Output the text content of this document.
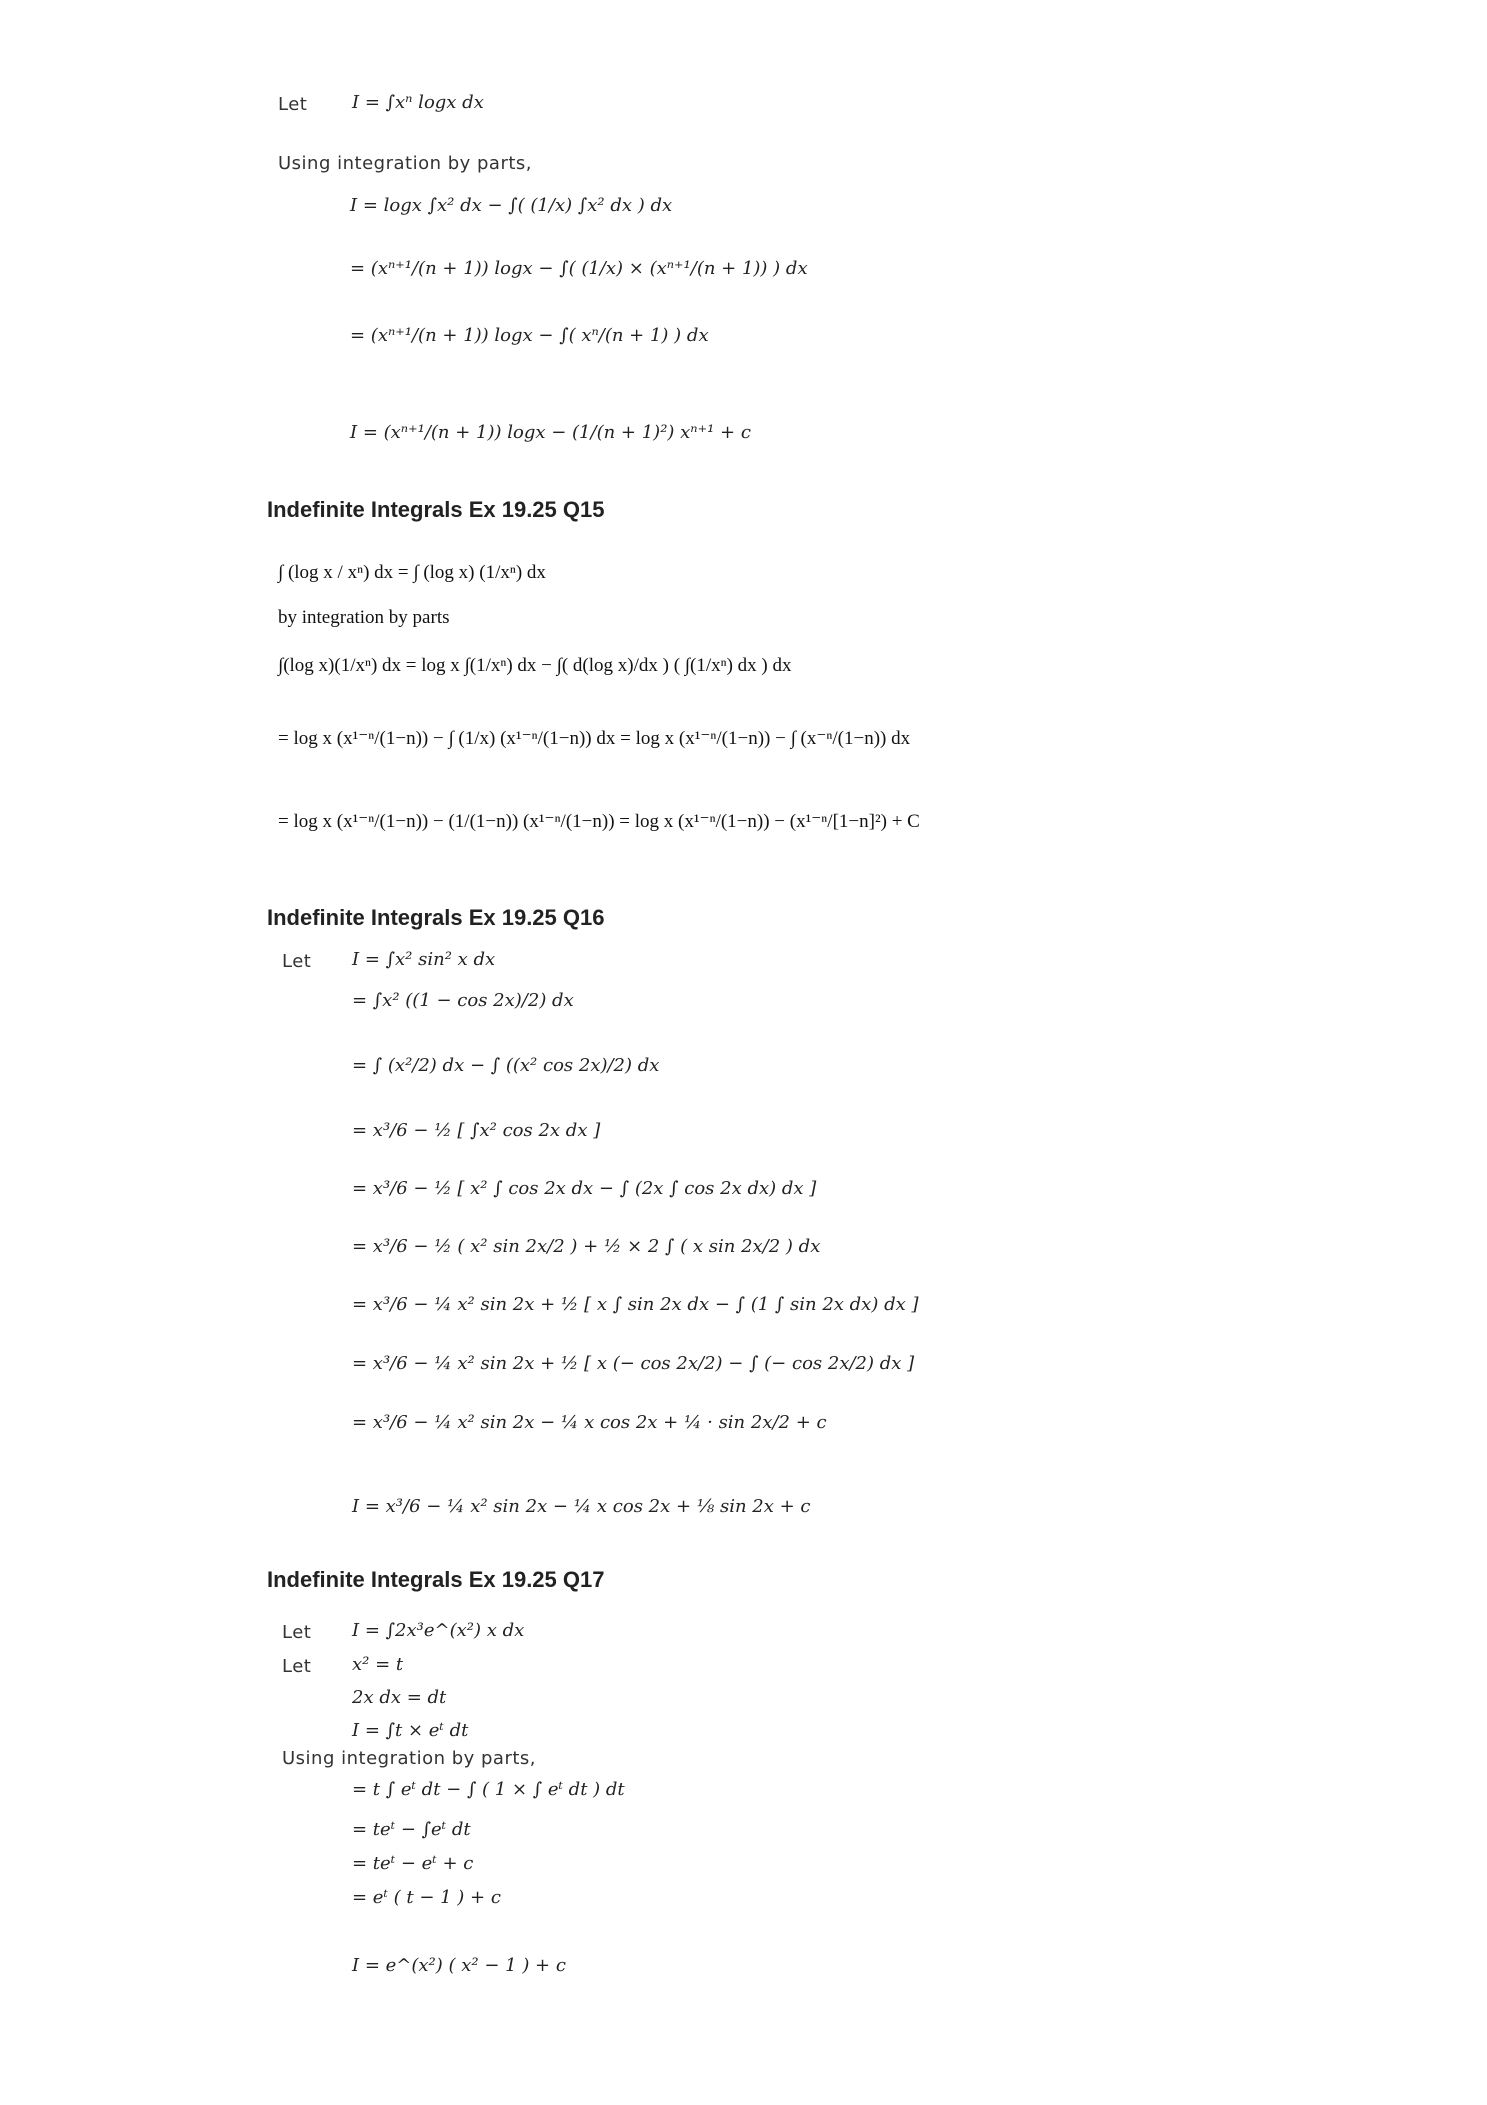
Let I = ∫xⁿ logx dx
Using integration by parts,
I = logx ∫x² dx − ∫( (1/x) ∫x² dx ) dx
= (xⁿ⁺¹/(n + 1)) logx − ∫( (1/x) × (xⁿ⁺¹/(n + 1)) ) dx
= (xⁿ⁺¹/(n + 1)) logx − ∫( xⁿ/(n + 1) ) dx
I = (xⁿ⁺¹/(n + 1)) logx − (1/(n + 1)²) xⁿ⁺¹ + c
Indefinite Integrals Ex 19.25 Q15
∫ (log x / xⁿ) dx = ∫ (log x) (1/xⁿ) dx
by integration by parts
∫(log x)(1/xⁿ) dx = log x ∫(1/xⁿ) dx − ∫( d(log x)/dx ) ( ∫(1/xⁿ) dx ) dx
= log x (x¹⁻ⁿ/(1−n)) − ∫ (1/x) (x¹⁻ⁿ/(1−n)) dx = log x (x¹⁻ⁿ/(1−n)) − ∫ (x⁻ⁿ/(1−n)) dx
= log x (x¹⁻ⁿ/(1−n)) − (1/(1−n)) (x¹⁻ⁿ/(1−n)) = log x (x¹⁻ⁿ/(1−n)) − (x¹⁻ⁿ/[1−n]²) + C
Indefinite Integrals Ex 19.25 Q16
Let I = ∫x² sin² x dx
= ∫x² ((1 − cos 2x)/2) dx
= ∫ (x²/2) dx − ∫ ((x² cos 2x)/2) dx
= x³/6 − ½ [ ∫x² cos 2x dx ]
= x³/6 − ½ [ x² ∫ cos 2x dx − ∫ (2x ∫ cos 2x dx) dx ]
= x³/6 − ½ ( x² sin 2x/2 ) + ½ × 2 ∫ ( x sin 2x/2 ) dx
= x³/6 − ¼ x² sin 2x + ½ [ x ∫ sin 2x dx − ∫ (1 ∫ sin 2x dx) dx ]
= x³/6 − ¼ x² sin 2x + ½ [ x (− cos 2x/2) − ∫ (− cos 2x/2) dx ]
= x³/6 − ¼ x² sin 2x − ¼ x cos 2x + ¼ · sin 2x/2 + c
I = x³/6 − ¼ x² sin 2x − ¼ x cos 2x + ⅛ sin 2x + c
Indefinite Integrals Ex 19.25 Q17
Let I = ∫2x³e^(x²) x dx
Let x² = t
2x dx = dt
I = ∫t × eᵗ dt
Using integration by parts,
= t ∫ eᵗ dt − ∫ ( 1 × ∫ eᵗ dt ) dt
= teᵗ − ∫eᵗ dt
= teᵗ − eᵗ + c
= eᵗ ( t − 1 ) + c
I = e^(x²) ( x² − 1 ) + c
